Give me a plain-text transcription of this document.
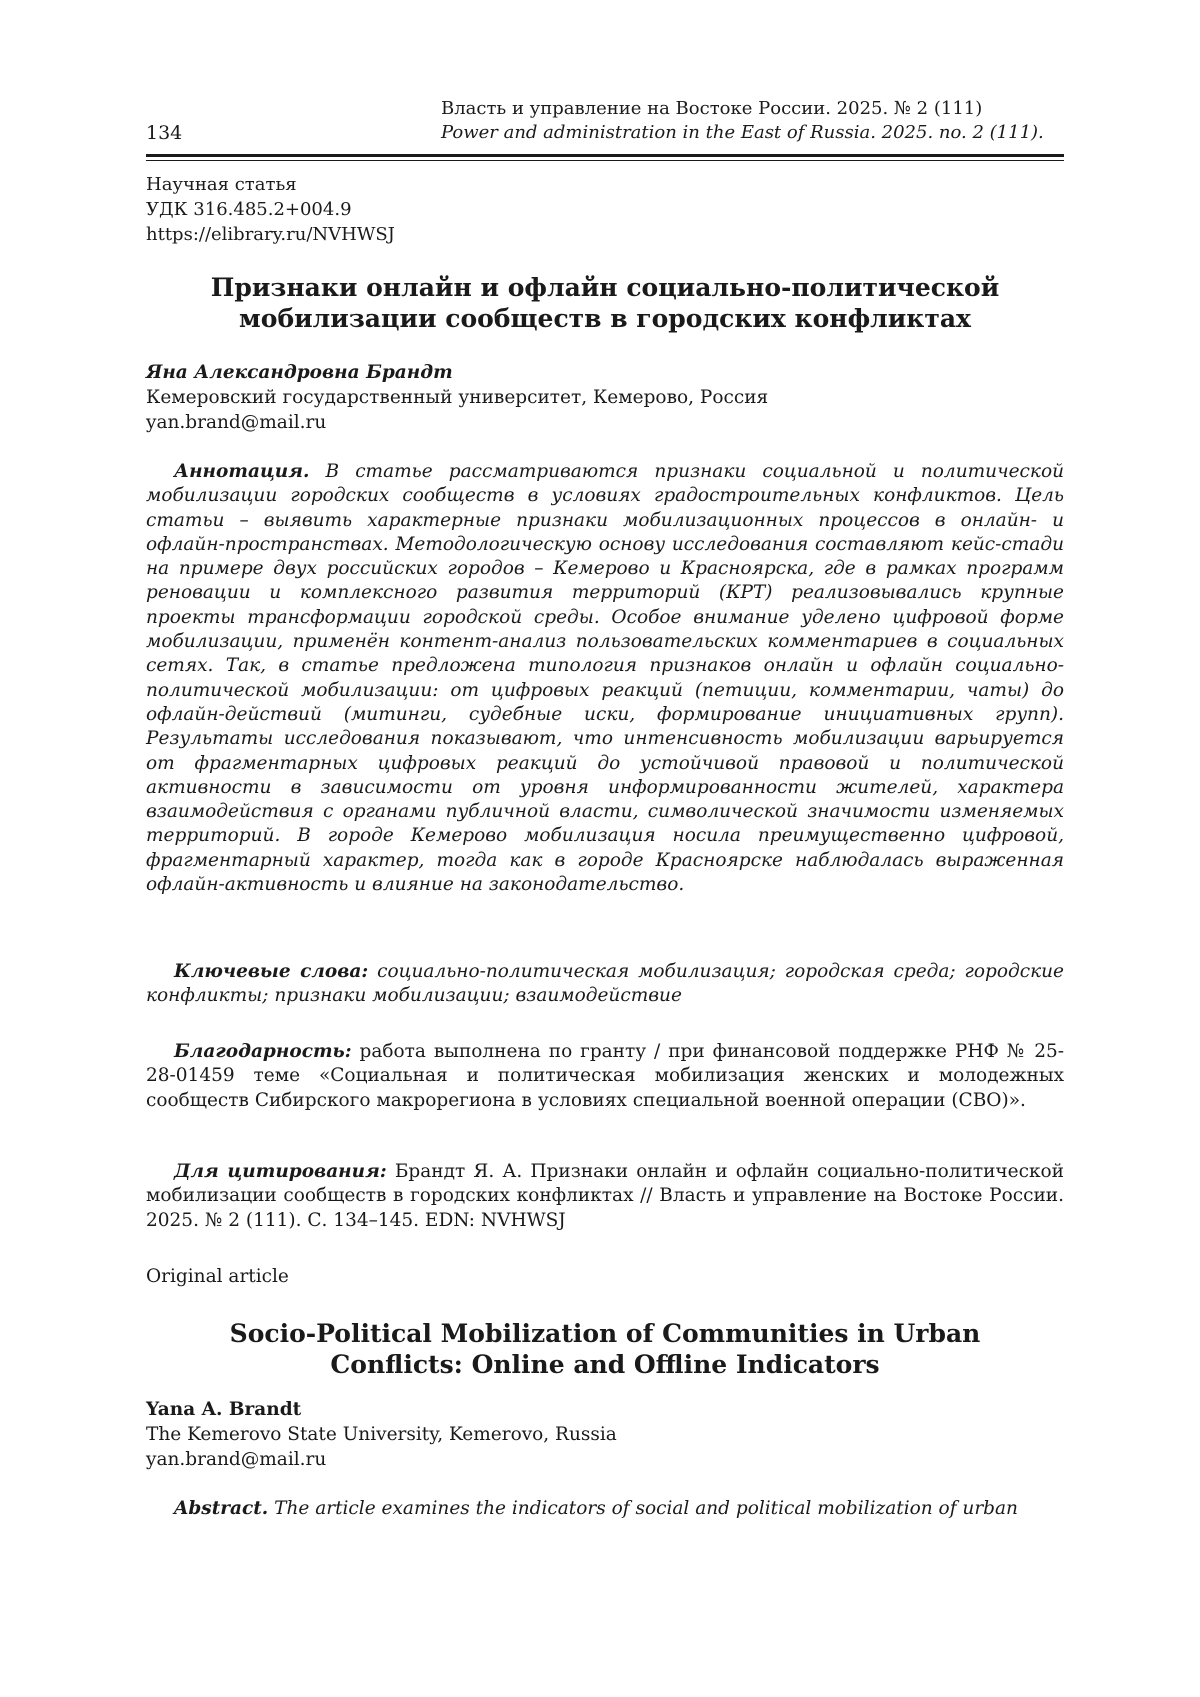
134
Власть и управление на Востоке России. 2025. № 2 (111)
Power and administration in the East of Russia. 2025. no. 2 (111).
Научная статья
УДК 316.485.2+004.9
https://elibrary.ru/NVHWSJ
Признаки онлайн и офлайн социально-политической
мобилизации сообществ в городских конфликтах
Яна Александровна Брандт
Кемеровский государственный университет, Кемерово, Россия
yan.brand@mail.ru
Аннотация. В статье рассматриваются признаки социальной и политической мобилизации городских сообществ в условиях градостроительных конфликтов. Цель статьи – выявить характерные признаки мобилизационных процессов в онлайн- и офлайн-пространствах. Методологическую основу исследования составляют кейс-стади на примере двух российских городов – Кемерово и Красноярска, где в рамках программ реновации и комплексного развития территорий (КРТ) реализовывались крупные проекты трансформации городской среды. Особое внимание уделено цифровой форме мобилизации, применён контент-анализ пользовательских комментариев в социальных сетях. Так, в статье предложена типология признаков онлайн и офлайн социально-политической мобилизации: от цифровых реакций (петиции, комментарии, чаты) до офлайн-действий (митинги, судебные иски, формирование инициативных групп). Результаты исследования показывают, что интенсивность мобилизации варьируется от фрагментарных цифровых реакций до устойчивой правовой и политической активности в зависимости от уровня информированности жителей, характера взаимодействия с органами публичной власти, символической значимости изменяемых территорий. В городе Кемерово мобилизация носила преимущественно цифровой, фрагментарный характер, тогда как в городе Красноярске наблюдалась выраженная офлайн-активность и влияние на законодательство.
Ключевые слова: социально-политическая мобилизация; городская среда; городские конфликты; признаки мобилизации; взаимодействие
Благодарность: работа выполнена по гранту / при финансовой поддержке РНФ № 25-28-01459 теме «Социальная и политическая мобилизация женских и молодежных сообществ Сибирского макрорегиона в условиях специальной военной операции (СВО)».
Для цитирования: Брандт Я. А. Признаки онлайн и офлайн социально-политической мобилизации сообществ в городских конфликтах // Власть и управление на Востоке России. 2025. № 2 (111). С. 134–145. EDN: NVHWSJ
Original article
Socio-Political Mobilization of Communities in Urban
Conflicts: Online and Offline Indicators
Yana A. Brandt
The Kemerovo State University, Kemerovo, Russia
yan.brand@mail.ru
Abstract. The article examines the indicators of social and political mobilization of urban
